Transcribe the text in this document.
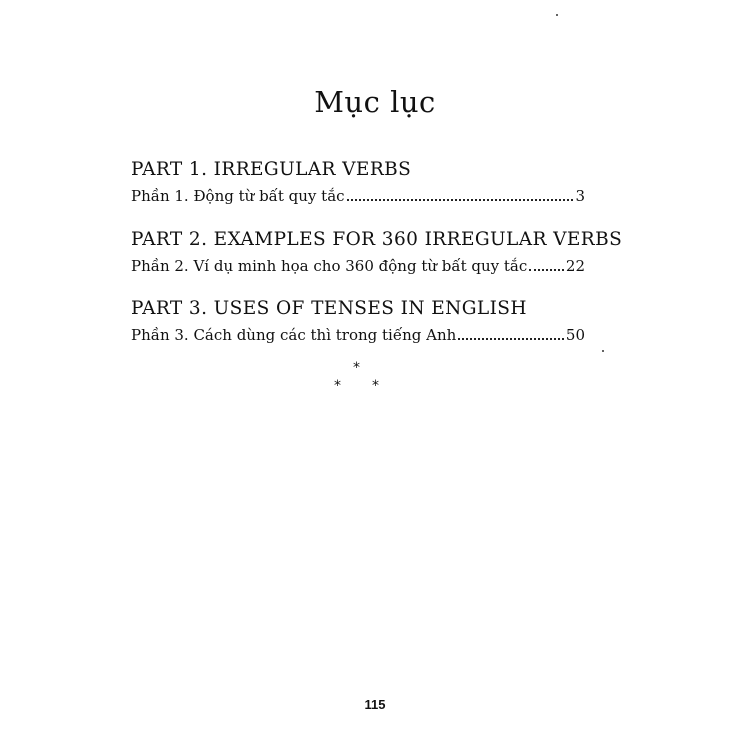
Mục lục
PART 1. IRREGULAR VERBS
Phần 1. Động từ bất quy tắc	3
PART 2. EXAMPLES FOR 360 IRREGULAR VERBS
Phần 2. Ví dụ minh họa cho 360 động từ bất quy tắc	22
PART 3. USES OF TENSES IN ENGLISH
Phần 3. Cách dùng các thì trong tiếng Anh	50
*
* *
115
